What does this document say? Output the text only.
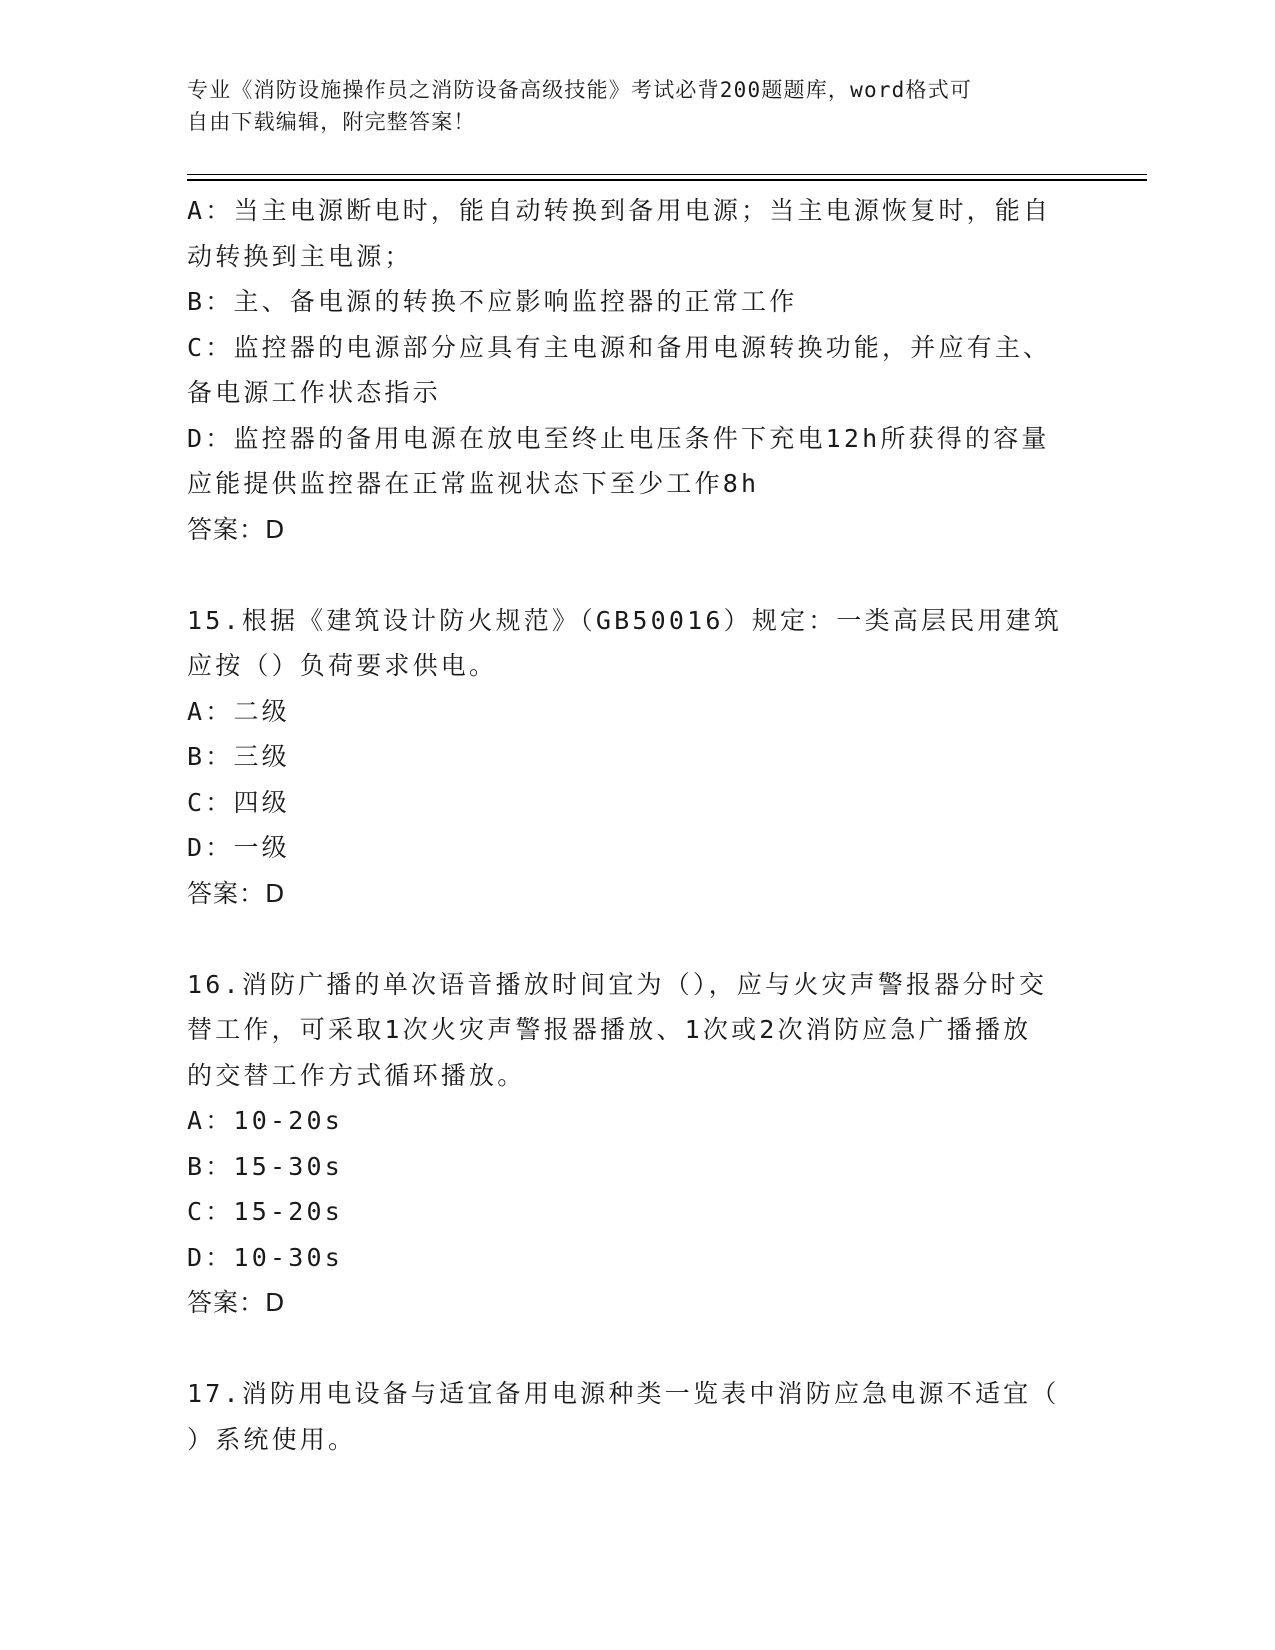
专业《消防设施操作员之消防设备高级技能》考试必背200题题库，word格式可
自由下载编辑，附完整答案！

A：当主电源断电时，能自动转换到备用电源；当主电源恢复时，能自

动转换到主电源；

B：主、备电源的转换不应影响监控器的正常工作

C：监控器的电源部分应具有主电源和备用电源转换功能，并应有主、

备电源工作状态指示

D：监控器的备用电源在放电至终止电压条件下充电12h所获得的容量

应能提供监控器在正常监视状态下至少工作8h

答案：D

15.根据《建筑设计防火规范》（GB50016）规定：一类高层民用建筑

应按（）负荷要求供电。

A：二级

B：三级

C：四级

D：一级

答案：D

16.消防广播的单次语音播放时间宜为（），应与火灾声警报器分时交

替工作，可采取1次火灾声警报器播放、1次或2次消防应急广播播放

的交替工作方式循环播放。

A：10-20s

B：15-30s

C：15-20s

D：10-30s

答案：D

17.消防用电设备与适宜备用电源种类一览表中消防应急电源不适宜（

）系统使用。
